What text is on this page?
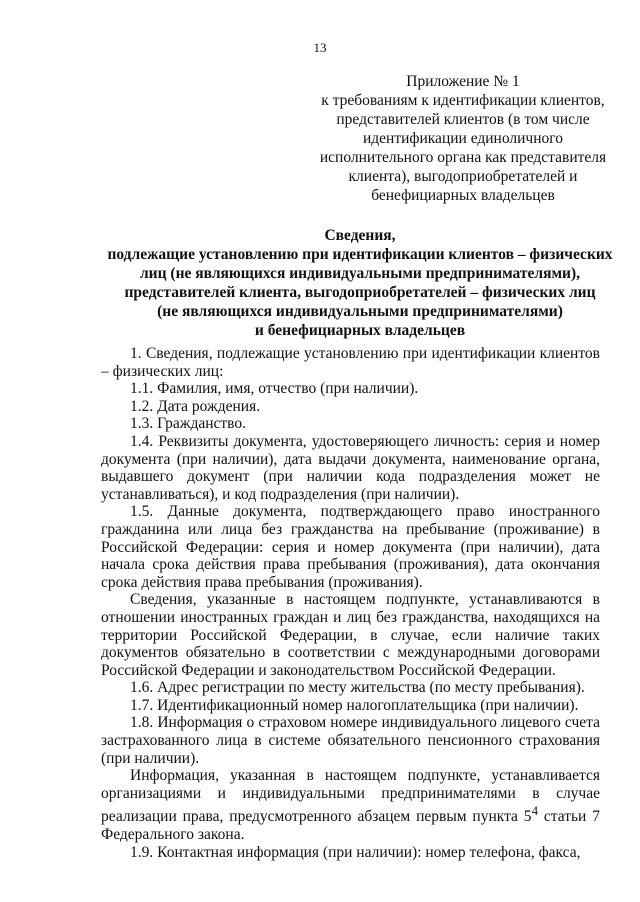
13
Приложение № 1
к требованиям к идентификации клиентов,
представителей клиентов (в том числе
идентификации единоличного
исполнительного органа как представителя
клиента), выгодоприобретателей и
бенефициарных владельцев
Сведения,
подлежащие установлению при идентификации клиентов – физических
лиц (не являющихся индивидуальными предпринимателями),
представителей клиента, выгодоприобретателей – физических лиц
(не являющихся индивидуальными предпринимателями)
и бенефициарных владельцев

1. Сведения, подлежащие установлению при идентификации клиентов – физических лиц:

1.1. Фамилия, имя, отчество (при наличии).

1.2. Дата рождения.

1.3. Гражданство.

1.4. Реквизиты документа, удостоверяющего личность: серия и номер документа (при наличии), дата выдачи документа, наименование органа, выдавшего документ (при наличии кода подразделения может не устанавливаться), и код подразделения (при наличии).

1.5. Данные документа, подтверждающего право иностранного гражданина или лица без гражданства на пребывание (проживание) в Российской Федерации: серия и номер документа (при наличии), дата начала срока действия права пребывания (проживания), дата окончания срока действия права пребывания (проживания).

Сведения, указанные в настоящем подпункте, устанавливаются в отношении иностранных граждан и лиц без гражданства, находящихся на территории Российской Федерации, в случае, если наличие таких документов обязательно в соответствии с международными договорами Российской Федерации и законодательством Российской Федерации.

1.6. Адрес регистрации по месту жительства (по месту пребывания).

1.7. Идентификационный номер налогоплательщика (при наличии).

1.8. Информация о страховом номере индивидуального лицевого счета застрахованного лица в системе обязательного пенсионного страхования (при наличии).

Информация, указанная в настоящем подпункте, устанавливается организациями и индивидуальными предпринимателями в случае реализации права, предусмотренного абзацем первым пункта $5^4$ статьи 7 Федерального закона.

1.9. Контактная информация (при наличии): номер телефона, факса,
